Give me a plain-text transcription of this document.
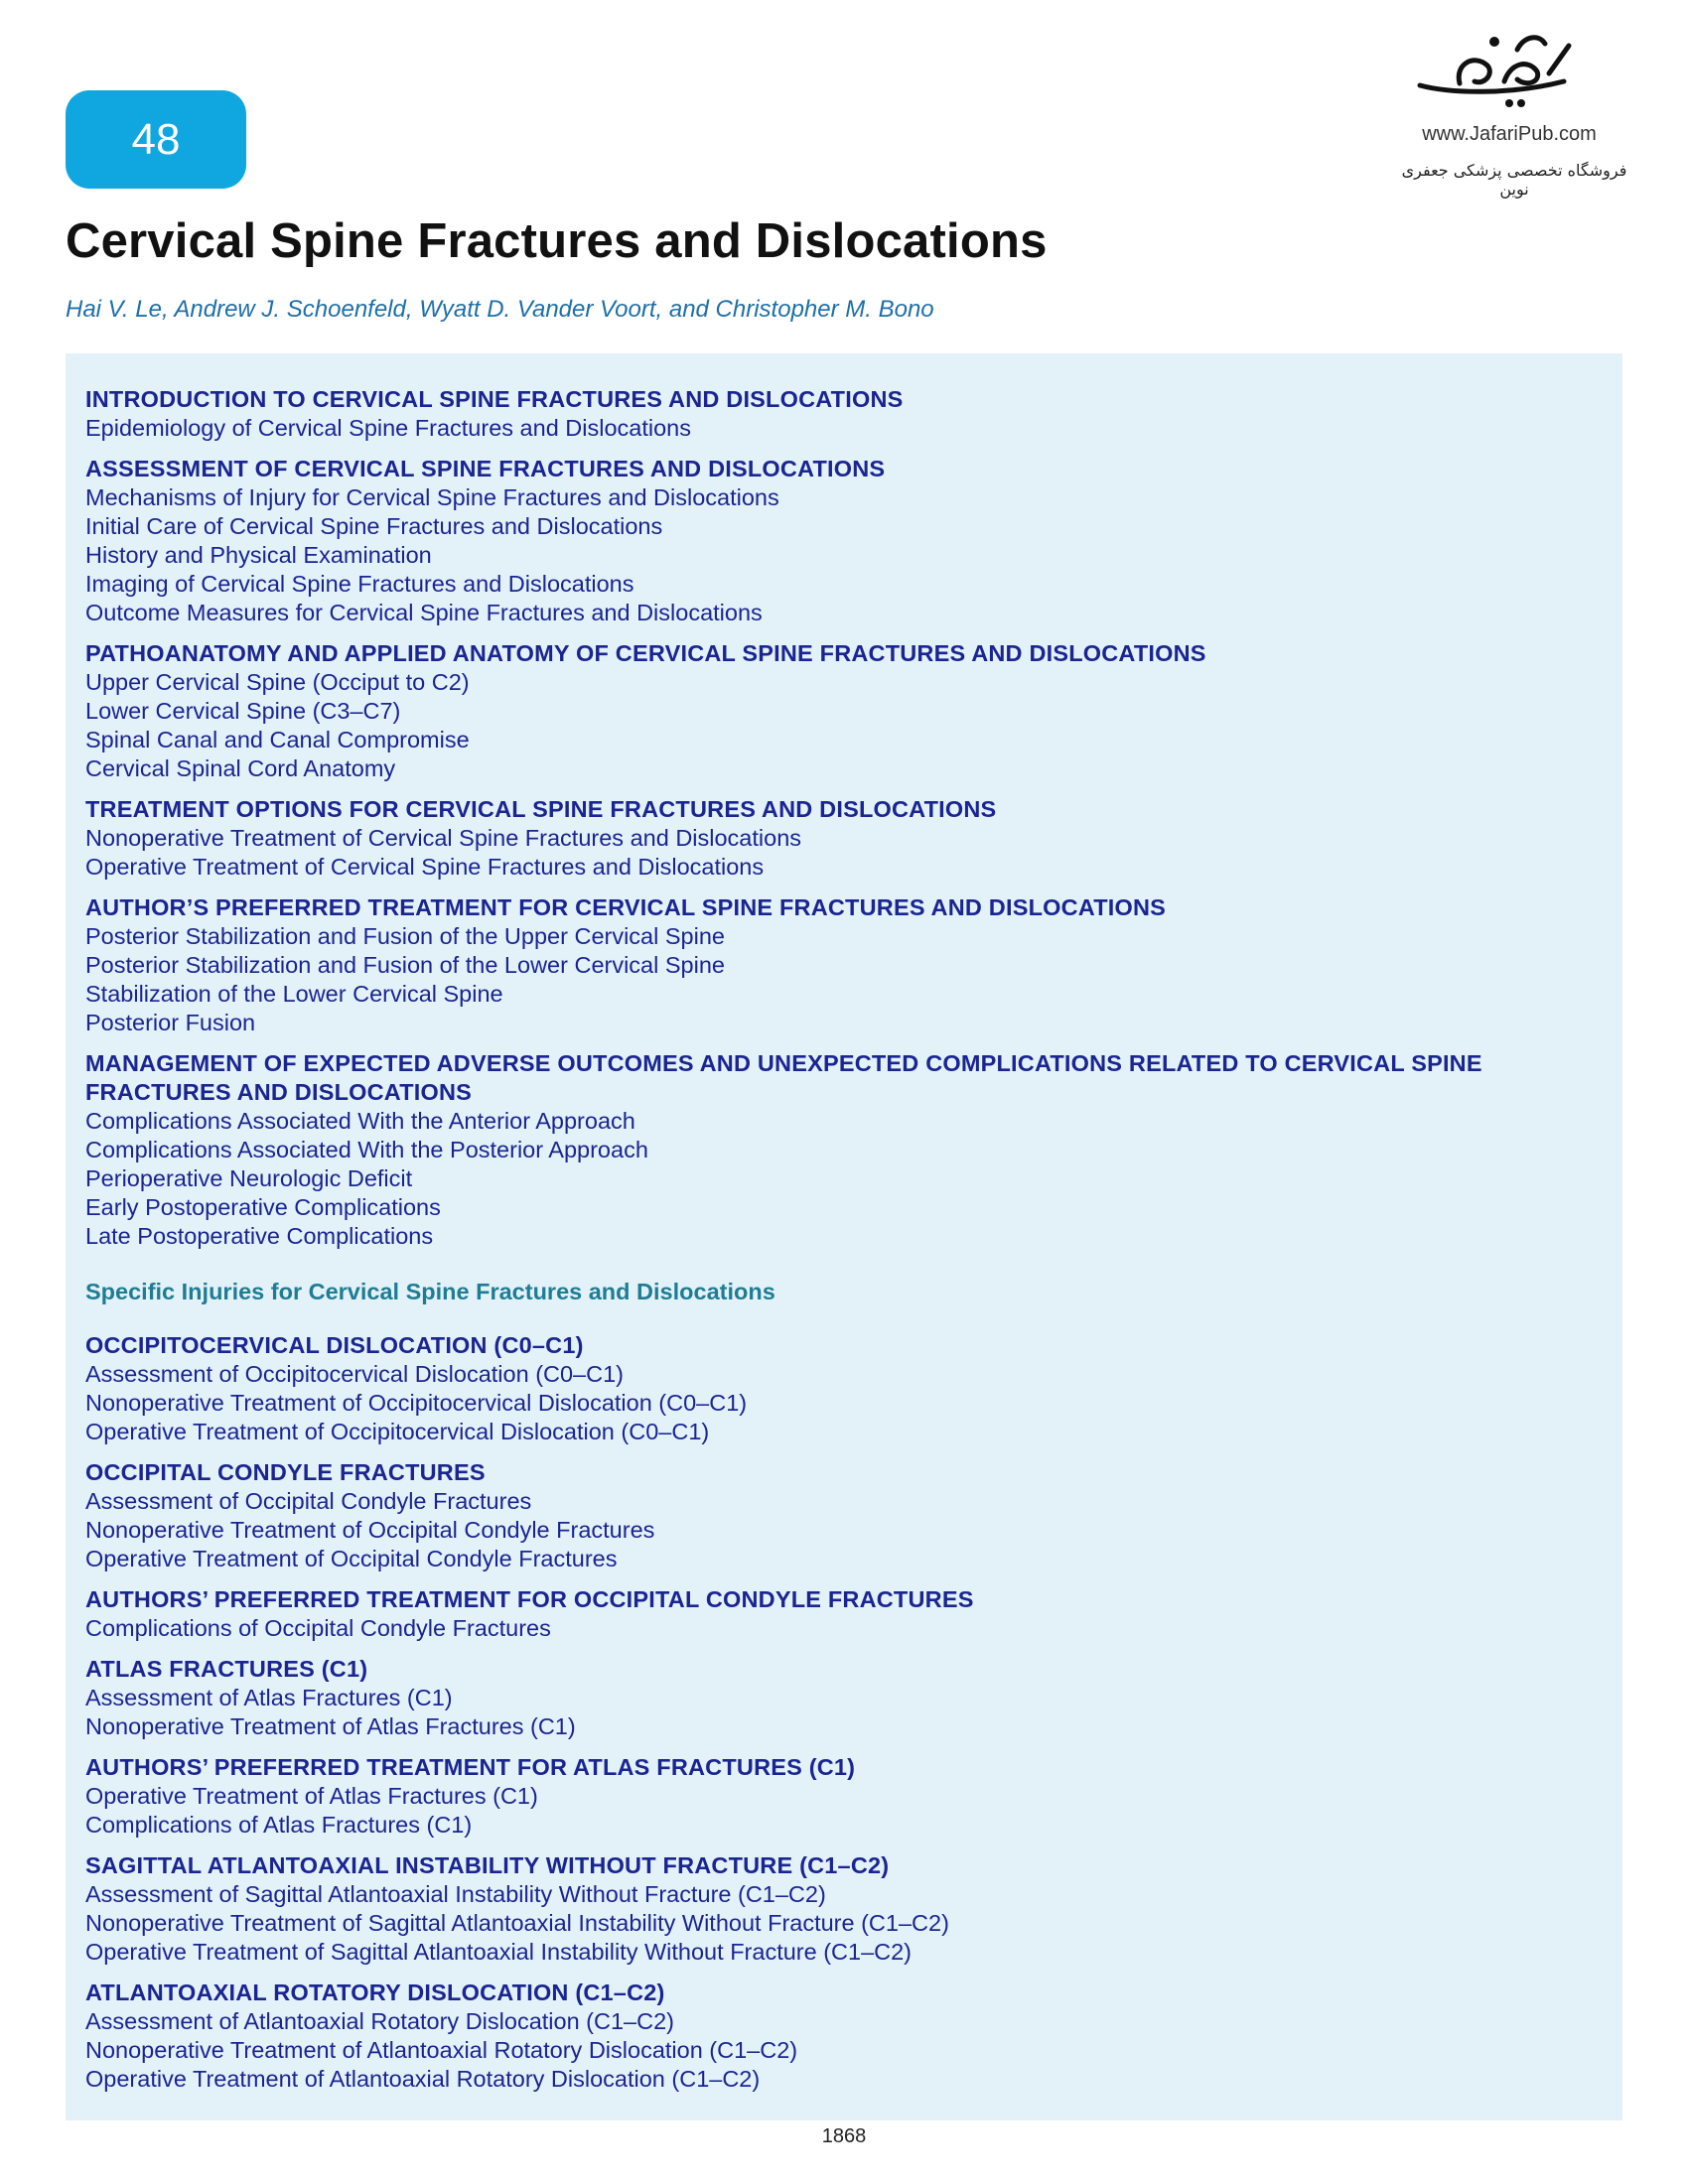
48	www.JafariPub.com
فروشگاه تخصصی پزشکی جعفری نوین
Cervical Spine Fractures and Dislocations
Hai V. Le, Andrew J. Schoenfeld, Wyatt D. Vander Voort, and Christopher M. Bono
INTRODUCTION TO CERVICAL SPINE FRACTURES AND DISLOCATIONS
Epidemiology of Cervical Spine Fractures and Dislocations
ASSESSMENT OF CERVICAL SPINE FRACTURES AND DISLOCATIONS
Mechanisms of Injury for Cervical Spine Fractures and Dislocations
Initial Care of Cervical Spine Fractures and Dislocations
History and Physical Examination
Imaging of Cervical Spine Fractures and Dislocations
Outcome Measures for Cervical Spine Fractures and Dislocations
PATHOANATOMY AND APPLIED ANATOMY OF CERVICAL SPINE FRACTURES AND DISLOCATIONS
Upper Cervical Spine (Occiput to C2)
Lower Cervical Spine (C3–C7)
Spinal Canal and Canal Compromise
Cervical Spinal Cord Anatomy
TREATMENT OPTIONS FOR CERVICAL SPINE FRACTURES AND DISLOCATIONS
Nonoperative Treatment of Cervical Spine Fractures and Dislocations
Operative Treatment of Cervical Spine Fractures and Dislocations
AUTHOR’S PREFERRED TREATMENT FOR CERVICAL SPINE FRACTURES AND DISLOCATIONS
Posterior Stabilization and Fusion of the Upper Cervical Spine
Posterior Stabilization and Fusion of the Lower Cervical Spine
Stabilization of the Lower Cervical Spine
Posterior Fusion
MANAGEMENT OF EXPECTED ADVERSE OUTCOMES AND UNEXPECTED COMPLICATIONS RELATED TO CERVICAL SPINE FRACTURES AND DISLOCATIONS
Complications Associated With the Anterior Approach
Complications Associated With the Posterior Approach
Perioperative Neurologic Deficit
Early Postoperative Complications
Late Postoperative Complications
Specific Injuries for Cervical Spine Fractures and Dislocations
OCCIPITOCERVICAL DISLOCATION (C0–C1)
Assessment of Occipitocervical Dislocation (C0–C1)
Nonoperative Treatment of Occipitocervical Dislocation (C0–C1)
Operative Treatment of Occipitocervical Dislocation (C0–C1)
OCCIPITAL CONDYLE FRACTURES
Assessment of Occipital Condyle Fractures
Nonoperative Treatment of Occipital Condyle Fractures
Operative Treatment of Occipital Condyle Fractures
AUTHORS’ PREFERRED TREATMENT FOR OCCIPITAL CONDYLE FRACTURES
Complications of Occipital Condyle Fractures
ATLAS FRACTURES (C1)
Assessment of Atlas Fractures (C1)
Nonoperative Treatment of Atlas Fractures (C1)
AUTHORS’ PREFERRED TREATMENT FOR ATLAS FRACTURES (C1)
Operative Treatment of Atlas Fractures (C1)
Complications of Atlas Fractures (C1)
SAGITTAL ATLANTOAXIAL INSTABILITY WITHOUT FRACTURE (C1–C2)
Assessment of Sagittal Atlantoaxial Instability Without Fracture (C1–C2)
Nonoperative Treatment of Sagittal Atlantoaxial Instability Without Fracture (C1–C2)
Operative Treatment of Sagittal Atlantoaxial Instability Without Fracture (C1–C2)
ATLANTOAXIAL ROTATORY DISLOCATION (C1–C2)
Assessment of Atlantoaxial Rotatory Dislocation (C1–C2)
Nonoperative Treatment of Atlantoaxial Rotatory Dislocation (C1–C2)
Operative Treatment of Atlantoaxial Rotatory Dislocation (C1–C2)
1868
